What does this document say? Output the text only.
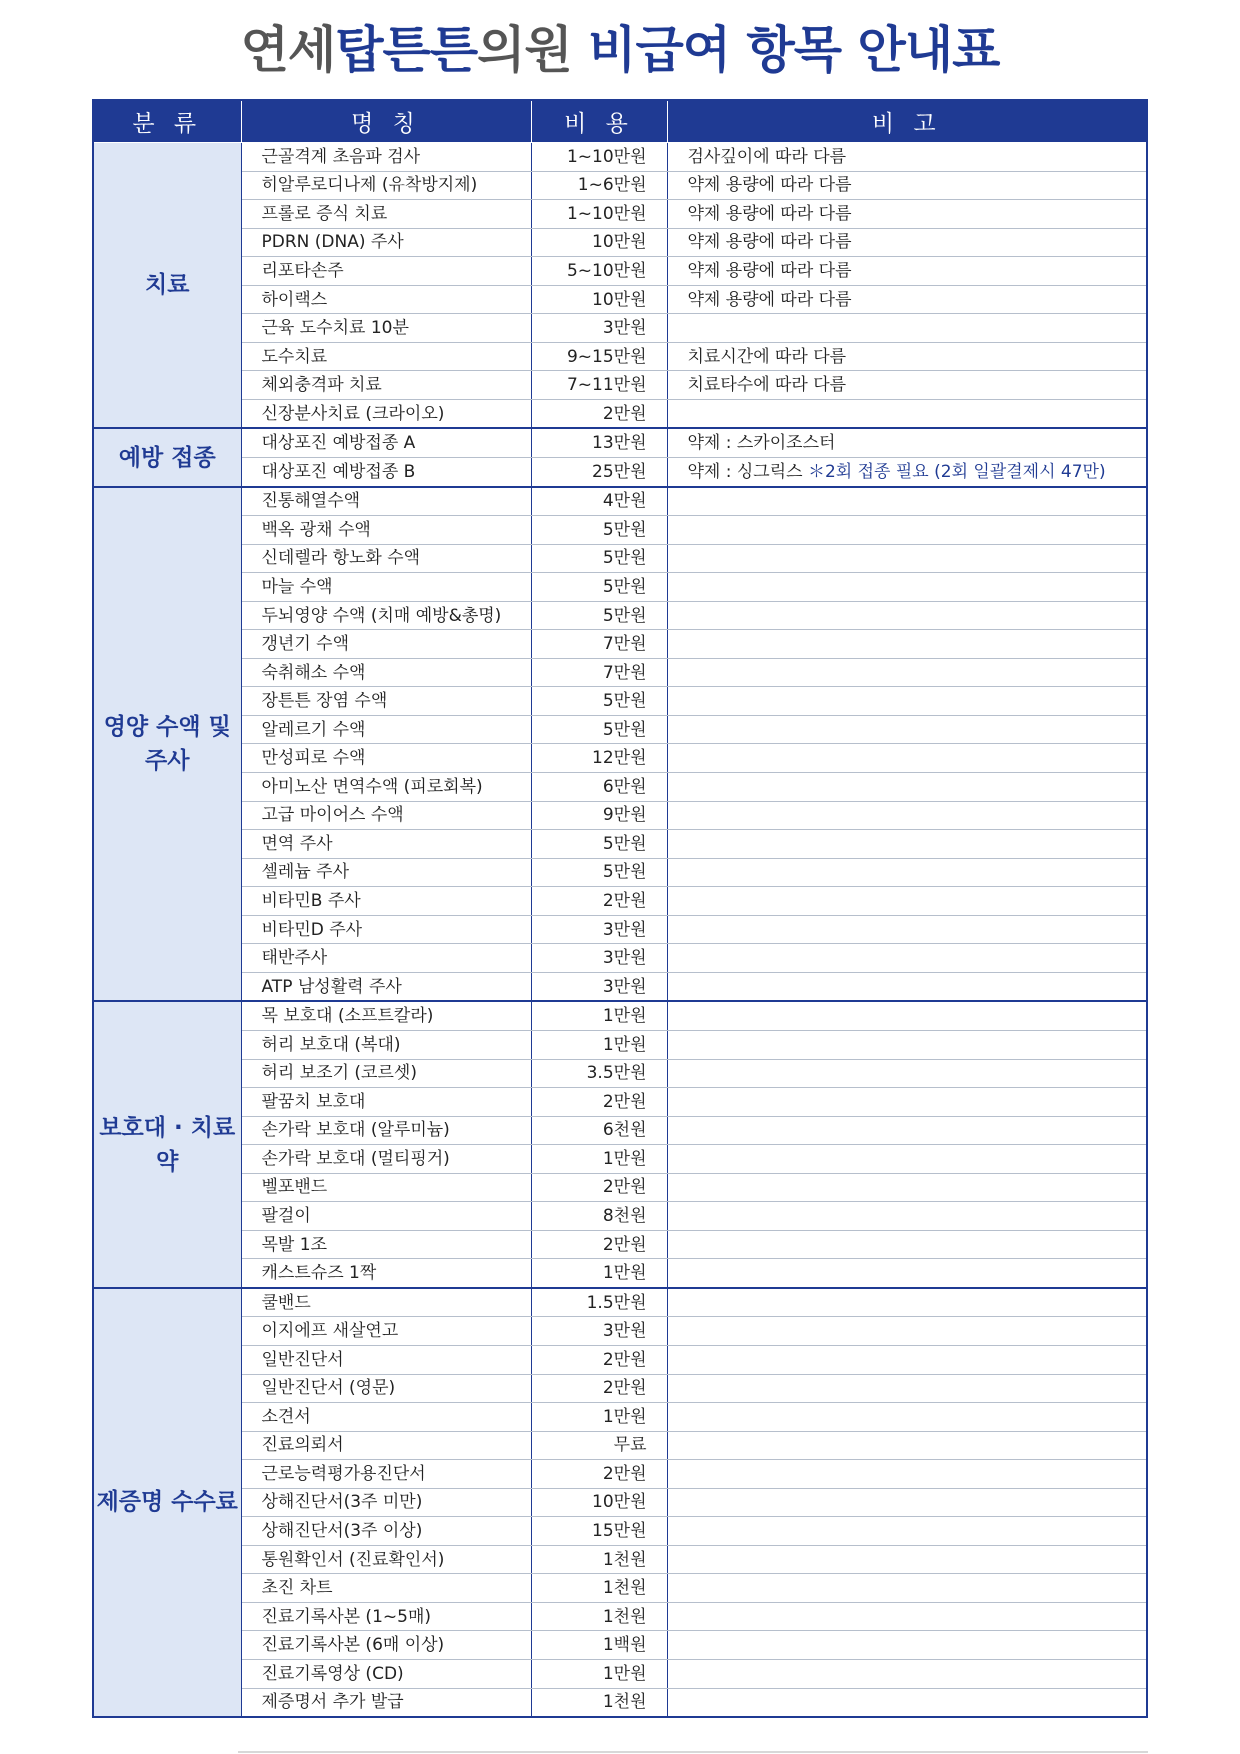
연세탑튼튼의원 비급여 항목 안내표
분 류	명 칭	비 용	비 고
치료	근골격계 초음파 검사	1~10만원	검사깊이에 따라 다름
	히알루로디나제 (유착방지제)	1~6만원	약제 용량에 따라 다름
	프롤로 증식 치료	1~10만원	약제 용량에 따라 다름
	PDRN (DNA) 주사	10만원	약제 용량에 따라 다름
	리포타손주	5~10만원	약제 용량에 따라 다름
	하이랙스	10만원	약제 용량에 따라 다름
	근육 도수치료 10분	3만원	
	도수치료	9~15만원	치료시간에 따라 다름
	체외충격파 치료	7~11만원	치료타수에 따라 다름
	신장분사치료 (크라이오)	2만원	
예방 접종	대상포진 예방접종 A	13만원	약제 : 스카이조스터
	대상포진 예방접종 B	25만원	약제 : 싱그릭스 ＊2회 접종 필요 (2회 일괄결제시 47만)
영양 수액 및 주사	진통해열수액	4만원	
	백옥 광채 수액	5만원	
	신데렐라 항노화 수액	5만원	
	마늘 수액	5만원	
	두뇌영양 수액 (치매 예방&총명)	5만원	
	갱년기 수액	7만원	
	숙취해소 수액	7만원	
	장튼튼 장염 수액	5만원	
	알레르기 수액	5만원	
	만성피로 수액	12만원	
	아미노산 면역수액 (피로회복)	6만원	
	고급 마이어스 수액	9만원	
	면역 주사	5만원	
	셀레늄 주사	5만원	
	비타민B 주사	2만원	
	비타민D 주사	3만원	
	태반주사	3만원	
	ATP 남성활력 주사	3만원	
보호대 · 치료약	목 보호대 (소프트칼라)	1만원	
	허리 보호대 (복대)	1만원	
	허리 보조기 (코르셋)	3.5만원	
	팔꿈치 보호대	2만원	
	손가락 보호대 (알루미늄)	6천원	
	손가락 보호대 (멀티핑거)	1만원	
	벨포밴드	2만원	
	팔걸이	8천원	
	목발 1조	2만원	
	캐스트슈즈 1짝	1만원	
제증명 수수료	쿨밴드	1.5만원	
	이지에프 새살연고	3만원	
	일반진단서	2만원	
	일반진단서 (영문)	2만원	
	소견서	1만원	
	진료의뢰서	무료	
	근로능력평가용진단서	2만원	
	상해진단서(3주 미만)	10만원	
	상해진단서(3주 이상)	15만원	
	통원확인서 (진료확인서)	1천원	
	초진 차트	1천원	
	진료기록사본 (1~5매)	1천원	
	진료기록사본 (6매 이상)	1백원	
	진료기록영상 (CD)	1만원	
	제증명서 추가 발급	1천원	
